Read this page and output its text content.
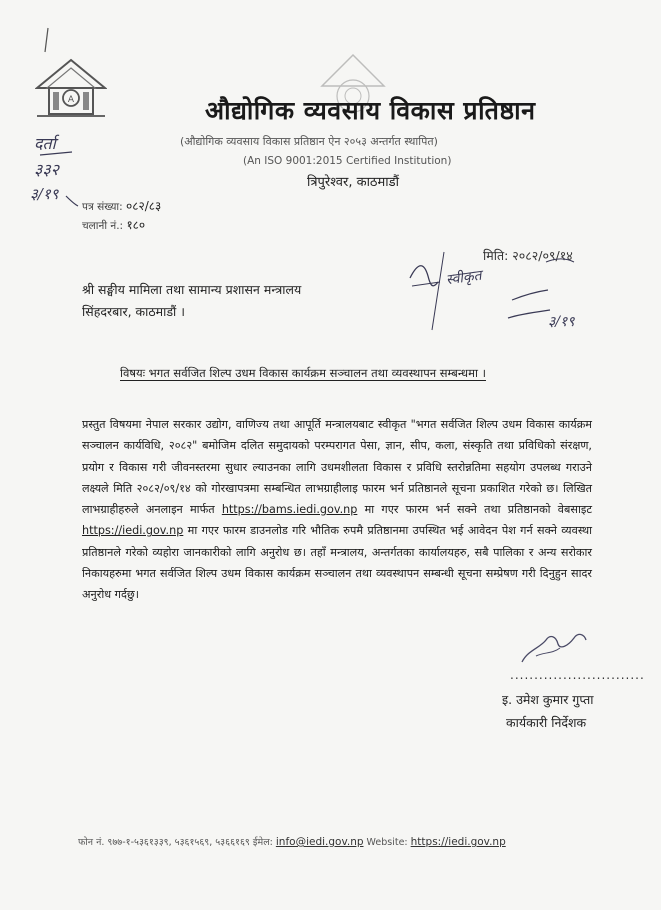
A	औद्योगिक व्यवसाय विकास प्रतिष्ठान
(औद्योगिक व्यवसाय विकास प्रतिष्ठान ऐन २०५३ अन्तर्गत स्थापित)
(An ISO 9001:2015 Certified Institution)
त्रिपुरेश्वर, काठमाडौं
पत्र संख्या: ०८२/८३
चलानी नं.: १८०
मिति: २०८२/०९/१४
श्री सङ्घीय मामिला तथा सामान्य प्रशासन मन्त्रालय
सिंहदरबार, काठमाडौं ।
विषयः भगत सर्वजित शिल्प उधम विकास कार्यक्रम सञ्चालन तथा व्यवस्थापन सम्बन्धमा ।

प्रस्तुत विषयमा नेपाल सरकार उद्योग, वाणिज्य तथा आपूर्ति मन्त्रालयबाट स्वीकृत "भगत सर्वजित शिल्प उधम विकास कार्यक्रम सञ्चालन कार्यविधि, २०८२" बमोजिम दलित समुदायको परम्परागत पेसा, ज्ञान, सीप, कला, संस्कृति तथा प्रविधिको संरक्षण, प्रयोग र विकास गरी जीवनस्तरमा सुधार ल्याउनका लागि उधमशीलता विकास र प्रविधि स्तरोन्नतिमा सहयोग उपलब्ध गराउने लक्ष्यले मिति २०८२/०९/१४ को गोरखापत्रमा सम्बन्धित लाभग्राहीलाइ फारम भर्न प्रतिष्ठानले सूचना प्रकाशित गरेको छ। लिखित लाभग्राहीहरुले अनलाइन मार्फत https://bams.iedi.gov.np मा गएर फारम भर्न सक्ने तथा प्रतिष्ठानको वेबसाइट https://iedi.gov.np मा गएर फारम डाउनलोड गरि भौतिक रुपमै प्रतिष्ठानमा उपस्थित भई आवेदन पेश गर्न सक्ने व्यवस्था प्रतिष्ठानले गरेको व्यहोरा जानकारीको लागि अनुरोध छ। तहाँ मन्त्रालय, अन्तर्गतका कार्यालयहरु, सबै पालिका र अन्य सरोकार निकायहरुमा भगत सर्वजित शिल्प उधम विकास कार्यक्रम सञ्चालन तथा व्यवस्थापन सम्बन्धी सूचना सम्प्रेषण गरी दिनुहुन सादर अनुरोध गर्दछु।

............................
इ. उमेश कुमार गुप्ता
कार्यकारी निर्देशक
फोन नं. ९७७-१-५३६१३३९, ५३६१५६९, ५३६६१६९ ईमेल: info@iedi.gov.np Website: https://iedi.gov.np
दर्ता
३३२
३/१९
स्वीकृत
३/१९
